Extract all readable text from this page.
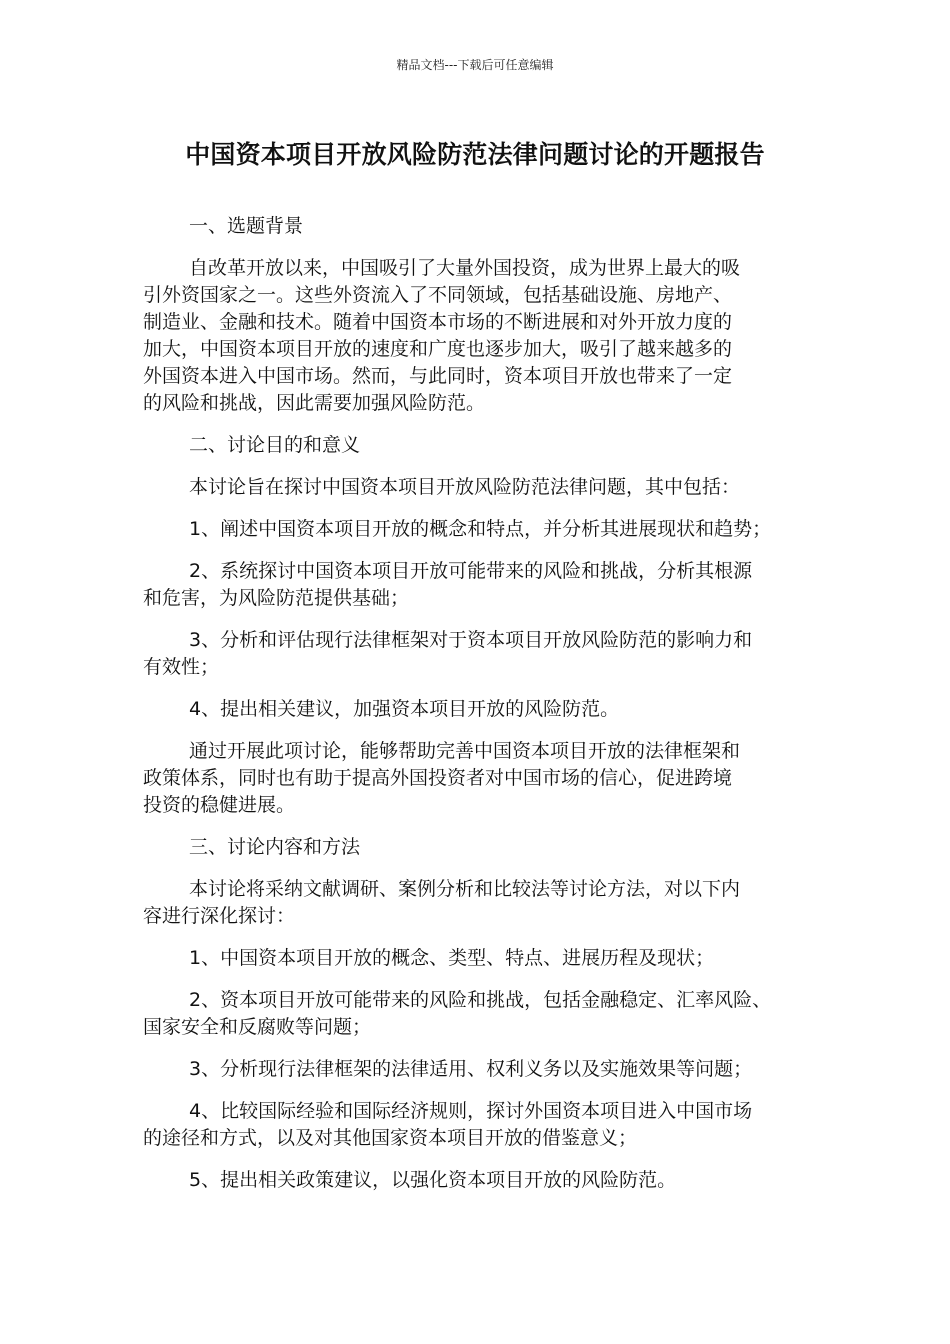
精品文档---下载后可任意编辑
中国资本项目开放风险防范法律问题讨论的开题报告

一、选题背景

自改革开放以来，中国吸引了大量外国投资，成为世界上最大的吸
引外资国家之一。这些外资流入了不同领域，包括基础设施、房地产、
制造业、金融和技术。随着中国资本市场的不断进展和对外开放力度的
加大，中国资本项目开放的速度和广度也逐步加大，吸引了越来越多的
外国资本进入中国市场。然而，与此同时，资本项目开放也带来了一定
的风险和挑战，因此需要加强风险防范。

二、讨论目的和意义

本讨论旨在探讨中国资本项目开放风险防范法律问题，其中包括：

1、阐述中国资本项目开放的概念和特点，并分析其进展现状和趋势；

2、系统探讨中国资本项目开放可能带来的风险和挑战，分析其根源
和危害，为风险防范提供基础；

3、分析和评估现行法律框架对于资本项目开放风险防范的影响力和
有效性；

4、提出相关建议，加强资本项目开放的风险防范。

通过开展此项讨论，能够帮助完善中国资本项目开放的法律框架和
政策体系，同时也有助于提高外国投资者对中国市场的信心，促进跨境
投资的稳健进展。

三、讨论内容和方法

本讨论将采纳文献调研、案例分析和比较法等讨论方法，对以下内
容进行深化探讨：

1、中国资本项目开放的概念、类型、特点、进展历程及现状；

2、资本项目开放可能带来的风险和挑战，包括金融稳定、汇率风险、
国家安全和反腐败等问题；

3、分析现行法律框架的法律适用、权利义务以及实施效果等问题；

4、比较国际经验和国际经济规则，探讨外国资本项目进入中国市场
的途径和方式，以及对其他国家资本项目开放的借鉴意义；

5、提出相关政策建议，以强化资本项目开放的风险防范。
